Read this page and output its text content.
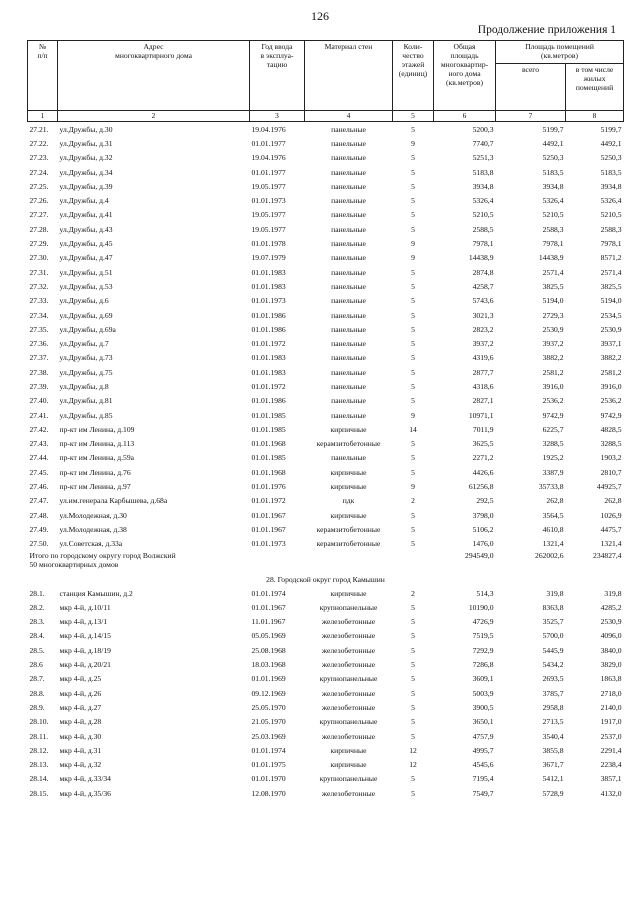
126
Продолжение приложения 1
№
п/п	Адрес
многоквартирного дома	Год ввода
в эксплуа-
тацию	Материал стен	Коли-
чество
этажей
(единиц)	Общая
площадь
многоквартир-
ного дома
(кв.метров)	Площадь помещений
(кв.метров)	
						всего	в том числе
жилых
помещений
1	2	3	4	5	6	7	8
27.21.	ул.Дружбы, д.30	19.04.1976	панельные	5	5200,3	5199,7	5199,7
27.22.	ул.Дружбы, д.31	01.01.1977	панельные	9	7740,7	4492,1	4492,1
27.23.	ул.Дружбы, д.32	19.04.1976	панельные	5	5251,3	5250,3	5250,3
27.24.	ул.Дружбы, д.34	01.01.1977	панельные	5	5183,8	5183,5	5183,5
27.25.	ул.Дружбы, д.39	19.05.1977	панельные	5	3934,8	3934,8	3934,8
27.26.	ул.Дружбы, д.4	01.01.1973	панельные	5	5326,4	5326,4	5326,4
27.27.	ул.Дружбы, д.41	19.05.1977	панельные	5	5210,5	5210,5	5210,5
27.28.	ул.Дружбы, д.43	19.05.1977	панельные	5	2588,5	2588,3	2588,3
27.29.	ул.Дружбы, д.45	01.01.1978	панельные	9	7978,1	7978,1	7978,1
27.30.	ул.Дружбы, д.47	19.07.1979	панельные	9	14438,9	14438,9	8571,2
27.31.	ул.Дружбы, д.51	01.01.1983	панельные	5	2874,8	2571,4	2571,4
27.32.	ул.Дружбы, д.53	01.01.1983	панельные	5	4258,7	3825,5	3825,5
27.33.	ул.Дружбы, д.6	01.01.1973	панельные	5	5743,6	5194,0	5194,0
27.34.	ул.Дружбы, д.69	01.01.1986	панельные	5	3021,3	2729,3	2534,5
27.35.	ул.Дружбы, д.69а	01.01.1986	панельные	5	2823,2	2530,9	2530,9
27.36.	ул.Дружбы, д.7	01.01.1972	панельные	5	3937,2	3937,2	3937,1
27.37.	ул.Дружбы, д.73	01.01.1983	панельные	5	4319,6	3882,2	3882,2
27.38.	ул.Дружбы, д.75	01.01.1983	панельные	5	2877,7	2581,2	2581,2
27.39.	ул.Дружбы, д.8	01.01.1972	панельные	5	4318,6	3916,0	3916,0
27.40.	ул.Дружбы, д.81	01.01.1986	панельные	5	2827,1	2536,2	2536,2
27.41.	ул.Дружбы, д.85	01.01.1985	панельные	9	10971,1	9742,9	9742,9
27.42.	пр-кт им Ленина, д.109	01.01.1985	кирпичные	14	7011,9	6225,7	4828,5
27.43.	пр-кт им Ленина, д.113	01.01.1968	керамзитобетонные	5	3625,5	3288,5	3288,5
27.44.	пр-кт им Ленина, д.59а	01.01.1985	панельные	5	2271,2	1925,2	1903,2
27.45.	пр-кт им Ленина, д.76	01.01.1968	кирпичные	5	4426,6	3387,9	2810,7
27.46.	пр-кт им Ленина, д.97	01.01.1976	кирпичные	9	61256,8	35733,8	44925,7
27.47.	ул.им.генерала Карбышева, д.68а	01.01.1972	пдк	2	292,5	262,8	262,8
27.48.	ул.Молодежная, д.30	01.01.1967	кирпичные	5	3798,0	3564,5	1026,9
27.49.	ул.Молодежная, д.38	01.01.1967	керамзитобетонные	5	5106,2	4610,8	4475,7
27.50.	ул.Советская, д.33а	01.01.1973	керамзитобетонные	5	1476,0	1321,4	1321,4
Итого по городскому округу город Волжский
50 многоквартирных домов					294549,0	262002,6	234827,4
28. Городской округ город Камышин							
28.1.	станция Камышин, д.2	01.01.1974	кирпичные	2	514,3	319,8	319,8
28.2.	мкр 4-й, д.10/11	01.01.1967	крупнопанельные	5	10190,0	8363,8	4285,2
28.3.	мкр 4-й, д.13/1	11.01.1967	железобетонные	5	4726,9	3525,7	2530,9
28.4.	мкр 4-й, д.14/15	05.05.1969	железобетонные	5	7519,5	5700,0	4096,0
28.5.	мкр 4-й, д.18/19	25.08.1968	железобетонные	5	7292,9	5445,9	3840,0
28.6	мкр 4-й, д.20/21	18.03.1968	железобетонные	5	7286,8	5434,2	3829,0
28.7.	мкр 4-й, д.25	01.01.1969	крупнопанельные	5	3609,1	2693,5	1863,8
28.8.	мкр 4-й, д.26	09.12.1969	железобетонные	5	5003,9	3785,7	2718,0
28.9.	мкр 4-й, д.27	25.05.1970	железобетонные	5	3900,5	2958,8	2140,0
28.10.	мкр 4-й, д.28	21.05.1970	крупнопанельные	5	3650,1	2713,5	1917,0
28.11.	мкр 4-й, д.30	25.03.1969	железобетонные	5	4757,9	3540,4	2537,0
28.12.	мкр 4-й, д.31	01.01.1974	кирпичные	12	4995,7	3855,8	2291,4
28.13.	мкр 4-й, д.32	01.01.1975	кирпичные	12	4545,6	3671,7	2238,4
28.14.	мкр 4-й, д.33/34	01.01.1970	крупнопанельные	5	7195,4	5412,1	3857,1
28.15.	мкр 4-й, д.35/36	12.08.1970	железобетонные	5	7549,7	5728,9	4132,0
